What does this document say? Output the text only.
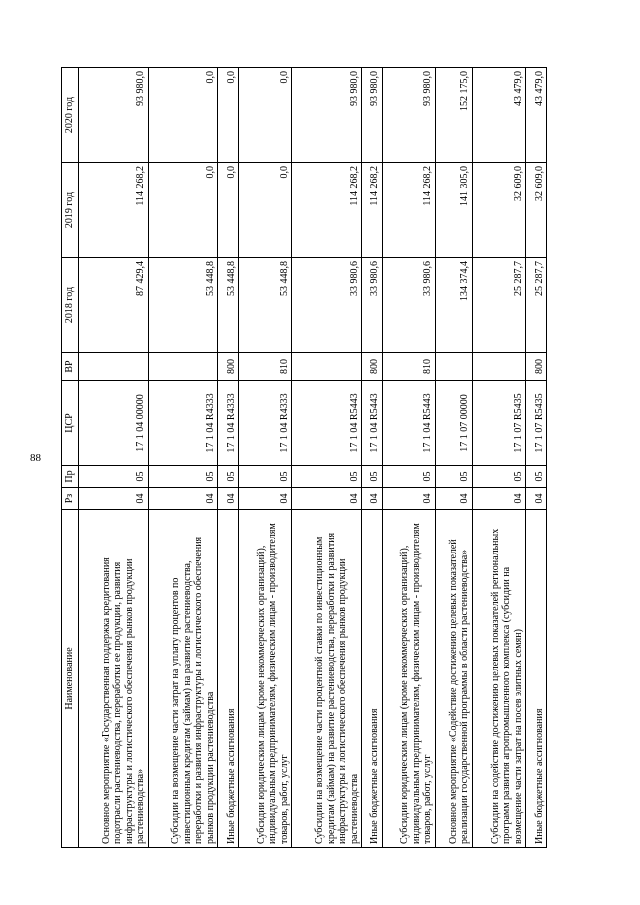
88
Наименование	Рз	Пр	ЦСР	ВР	2018 год	2019 год	2020 год
Основное мероприятие «Государственная поддержка кредитования подотрасли растениеводства, переработки ее продукции, развития инфраструктуры и логистического обеспечения рынков продукции растениеводства»	04	05	17 1 04 00000		87 429,4	114 268,2	93 980,0
Субсидии на возмещение части затрат на уплату процентов по инвестиционным кредитам (займам) на развитие растениеводства, переработки и развития инфраструктуры и логистического обеспечения рынков продукции растениеводства	04	05	17 1 04 R4333		53 448,8	0,0	0,0
Иные бюджетные ассигнования	04	05	17 1 04 R4333	800	53 448,8	0,0	0,0
Субсидии юридическим лицам (кроме некоммерческих организаций), индивидуальным предпринимателям, физическим лицам - производителям товаров, работ, услуг	04	05	17 1 04 R4333	810	53 448,8	0,0	0,0
Субсидии на возмещение части процентной ставки по инвестиционным кредитам (займам) на развитие растениеводства, переработки и развития инфраструктуры и логистического обеспечения рынков продукции растениеводства	04	05	17 1 04 R5443		33 980,6	114 268,2	93 980,0
Иные бюджетные ассигнования	04	05	17 1 04 R5443	800	33 980,6	114 268,2	93 980,0
Субсидии юридическим лицам (кроме некоммерческих организаций), индивидуальным предпринимателям, физическим лицам - производителям товаров, работ, услуг	04	05	17 1 04 R5443	810	33 980,6	114 268,2	93 980,0
Основное мероприятие «Содействие достижению целевых показателей реализации государственной программы в области растениеводства»	04	05	17 1 07 00000		134 374,4	141 305,0	152 175,0
Субсидии на содействие достижению целевых показателей региональных программ развития агропромышленного комплекса (субсидии на возмещение части затрат на посев элитных семян)	04	05	17 1 07 R5435		25 287,7	32 609,0	43 479,0
Иные бюджетные ассигнования	04	05	17 1 07 R5435	800	25 287,7	32 609,0	43 479,0
